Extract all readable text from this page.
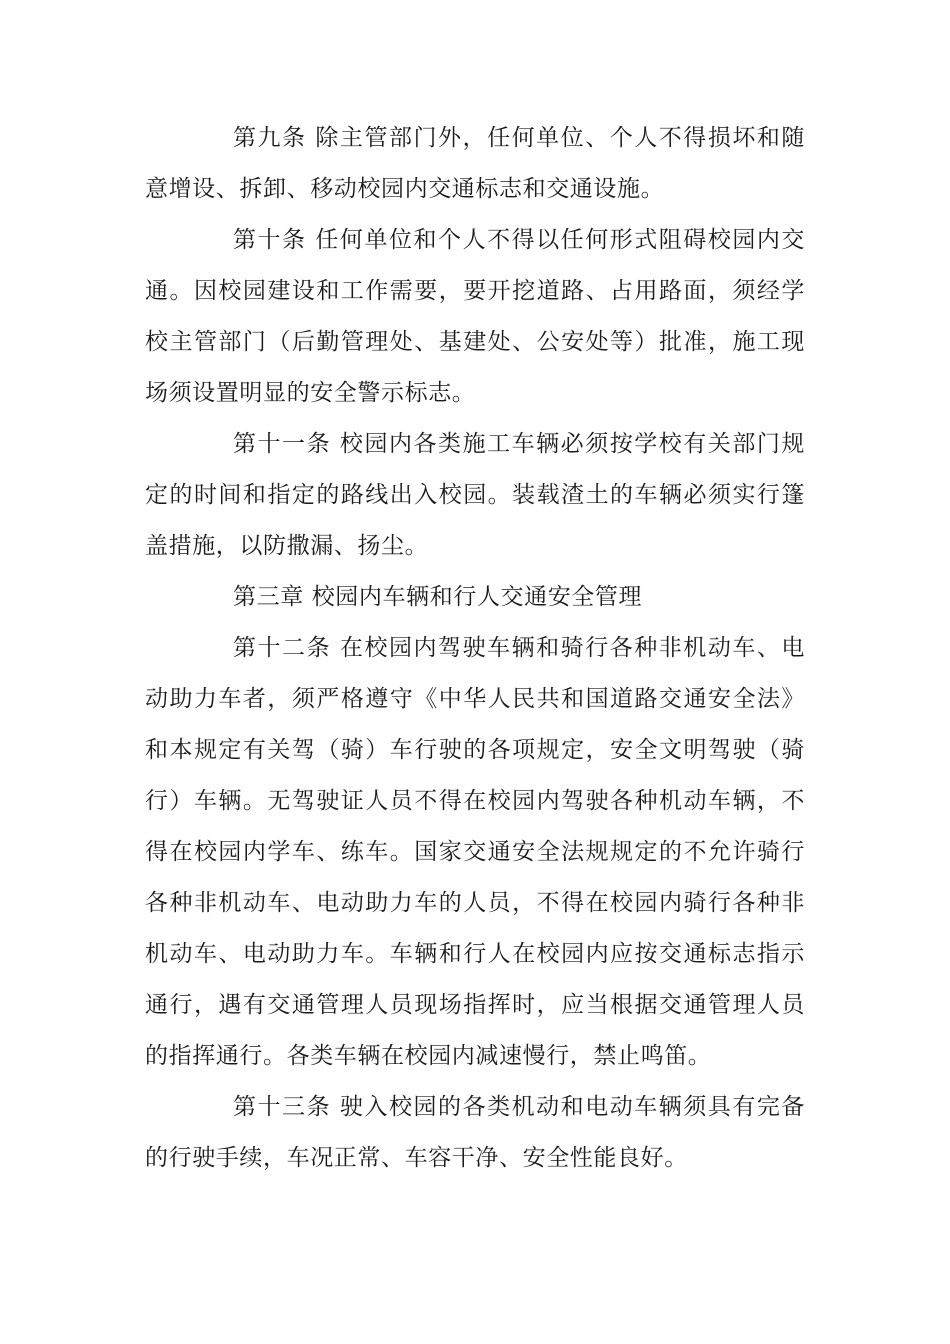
第九条 除主管部门外，任何单位、个人不得损坏和随意增设、拆卸、移动校园内交通标志和交通设施。

第十条 任何单位和个人不得以任何形式阻碍校园内交通。因校园建设和工作需要，要开挖道路、占用路面，须经学校主管部门（后勤管理处、基建处、公安处等）批准，施工现场须设置明显的安全警示标志。

第十一条 校园内各类施工车辆必须按学校有关部门规定的时间和指定的路线出入校园。装载渣土的车辆必须实行篷盖措施，以防撒漏、扬尘。

第三章 校园内车辆和行人交通安全管理

第十二条 在校园内驾驶车辆和骑行各种非机动车、电动助力车者，须严格遵守《中华人民共和国道路交通安全法》和本规定有关驾（骑）车行驶的各项规定，安全文明驾驶（骑行）车辆。无驾驶证人员不得在校园内驾驶各种机动车辆，不得在校园内学车、练车。国家交通安全法规规定的不允许骑行各种非机动车、电动助力车的人员，不得在校园内骑行各种非机动车、电动助力车。车辆和行人在校园内应按交通标志指示通行，遇有交通管理人员现场指挥时，应当根据交通管理人员的指挥通行。各类车辆在校园内减速慢行，禁止鸣笛。

第十三条 驶入校园的各类机动和电动车辆须具有完备的行驶手续，车况正常、车容干净、安全性能良好。
